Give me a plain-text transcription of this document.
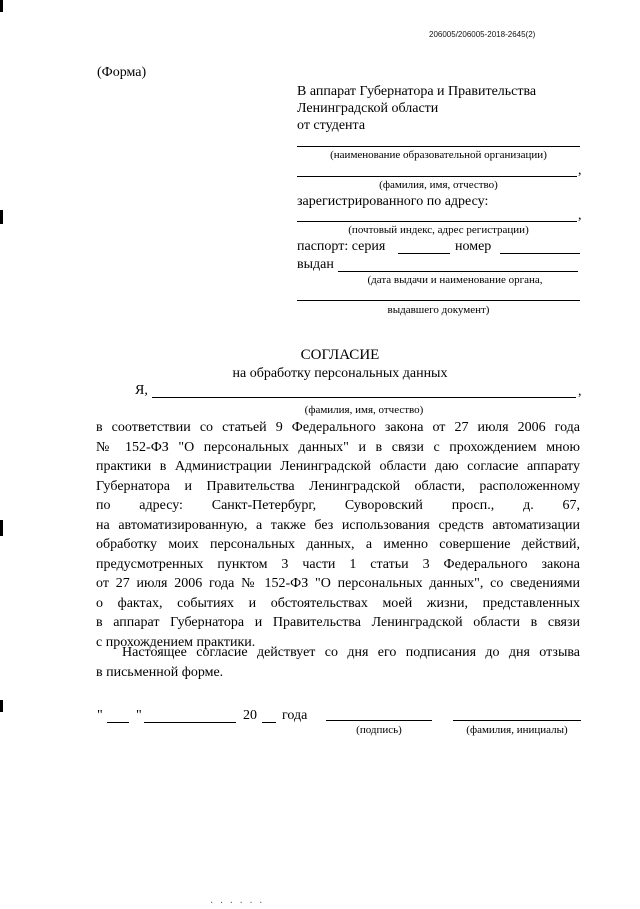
206005/206005-2018-2645(2)
(Форма)
В аппарат Губернатора и Правительства
Ленинградской области
от студента
(наименование образовательной организации)
,
(фамилия, имя, отчество)
зарегистрированного по адресу:
,
(почтовый индекс, адрес регистрации)
паспорт: серия	номер
выдан
(дата выдачи и наименование органа,
выдавшего документ)
СОГЛАСИЕ
на обработку персональных данных
Я,	,
(фамилия, имя, отчество)
в соответствии со статьей 9 Федерального закона от 27 июля 2006 года
№ 152-ФЗ "О персональных данных" и в связи с прохождением мною
практики в Администрации Ленинградской области даю согласие аппарату
Губернатора и Правительства Ленинградской области, расположенному
по адресу: Санкт-Петербург, Суворовский просп., д. 67,
на автоматизированную, а также без использования средств автоматизации
обработку моих персональных данных, а именно совершение действий,
предусмотренных пунктом 3 части 1 статьи 3 Федерального закона
от 27 июля 2006 года № 152-ФЗ "О персональных данных", со сведениями
о фактах, событиях и обстоятельствах моей жизни, представленных
в аппарат Губернатора и Правительства Ленинградской области в связи
с прохождением практики.
Настоящее согласие действует со дня его подписания до дня отзыва
в письменной форме.
" "	20 года
(подпись)	(фамилия, инициалы)
· · · · · ·
